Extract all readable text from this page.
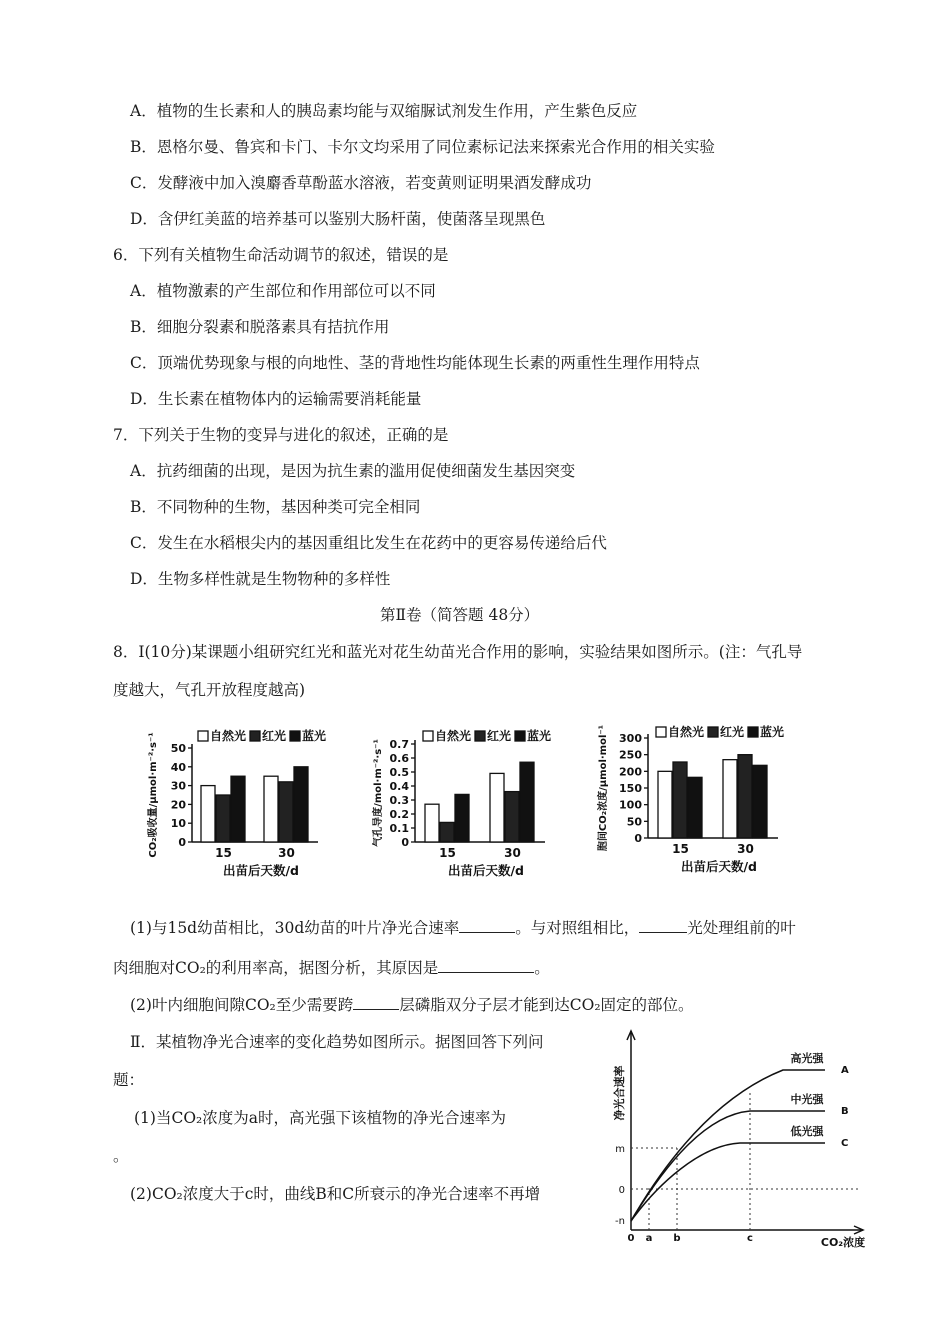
A．植物的生长素和人的胰岛素均能与双缩脲试剂发生作用，产生紫色反应
B．恩格尔曼、鲁宾和卡门、卡尔文均采用了同位素标记法来探索光合作用的相关实验
C．发酵液中加入溴麝香草酚蓝水溶液，若变黄则证明果酒发酵成功
D．含伊红美蓝的培养基可以鉴别大肠杆菌，使菌落呈现黑色
6．下列有关植物生命活动调节的叙述，错误的是
A．植物激素的产生部位和作用部位可以不同
B．细胞分裂素和脱落素具有拮抗作用
C．顶端优势现象与根的向地性、茎的背地性均能体现生长素的两重性生理作用特点
D．生长素在植物体内的运输需要消耗能量
7．下列关于生物的变异与进化的叙述，正确的是
A．抗药细菌的出现，是因为抗生素的滥用促使细菌发生基因突变
B．不同物种的生物，基因种类可完全相同
C．发生在水稻根尖内的基因重组比发生在花药中的更容易传递给后代
D．生物多样性就是生物物种的多样性
第Ⅱ卷（简答题 48分）
8．Ⅰ(10分)某课题小组研究红光和蓝光对花生幼苗光合作用的影响，实验结果如图所示。(注：气孔导
度越大，气孔开放程度越高)
自然光 红光 蓝光
0
10
20
30
40
50
15	30
出苗后天数/d
CO₂吸收量/μmol·m⁻²·s⁻¹	自然光 红光 蓝光
0
0.1
0.2
0.3
0.4
0.5
0.6
0.7
15	30
出苗后天数/d
气孔导度/mol·m⁻²·s⁻¹
自然光 红光 蓝光
0
50
100
150
200
250
300
15	30
出苗后天数/d
胞间CO₂浓度/μmol·mol⁻¹
(1)与15d幼苗相比，30d幼苗的叶片净光合速率	。与对照组相比，	光处理组前的叶
肉细胞对CO₂的利用率高，据图分析，其原因是	。
(2)叶内细胞间隙CO₂至少需要跨	层磷脂双分子层才能到达CO₂固定的部位。
Ⅱ．某植物净光合速率的变化趋势如图所示。据图回答下列问
题：
(1)当CO₂浓度为a时，高光强下该植物的净光合速率为
。
(2)CO₂浓度大于c时，曲线B和C所衰示的净光合速率不再增
净光合速率
CO₂浓度
m
0
-n
0 a b	c
高光强
A
中光强
B
低光强
C
